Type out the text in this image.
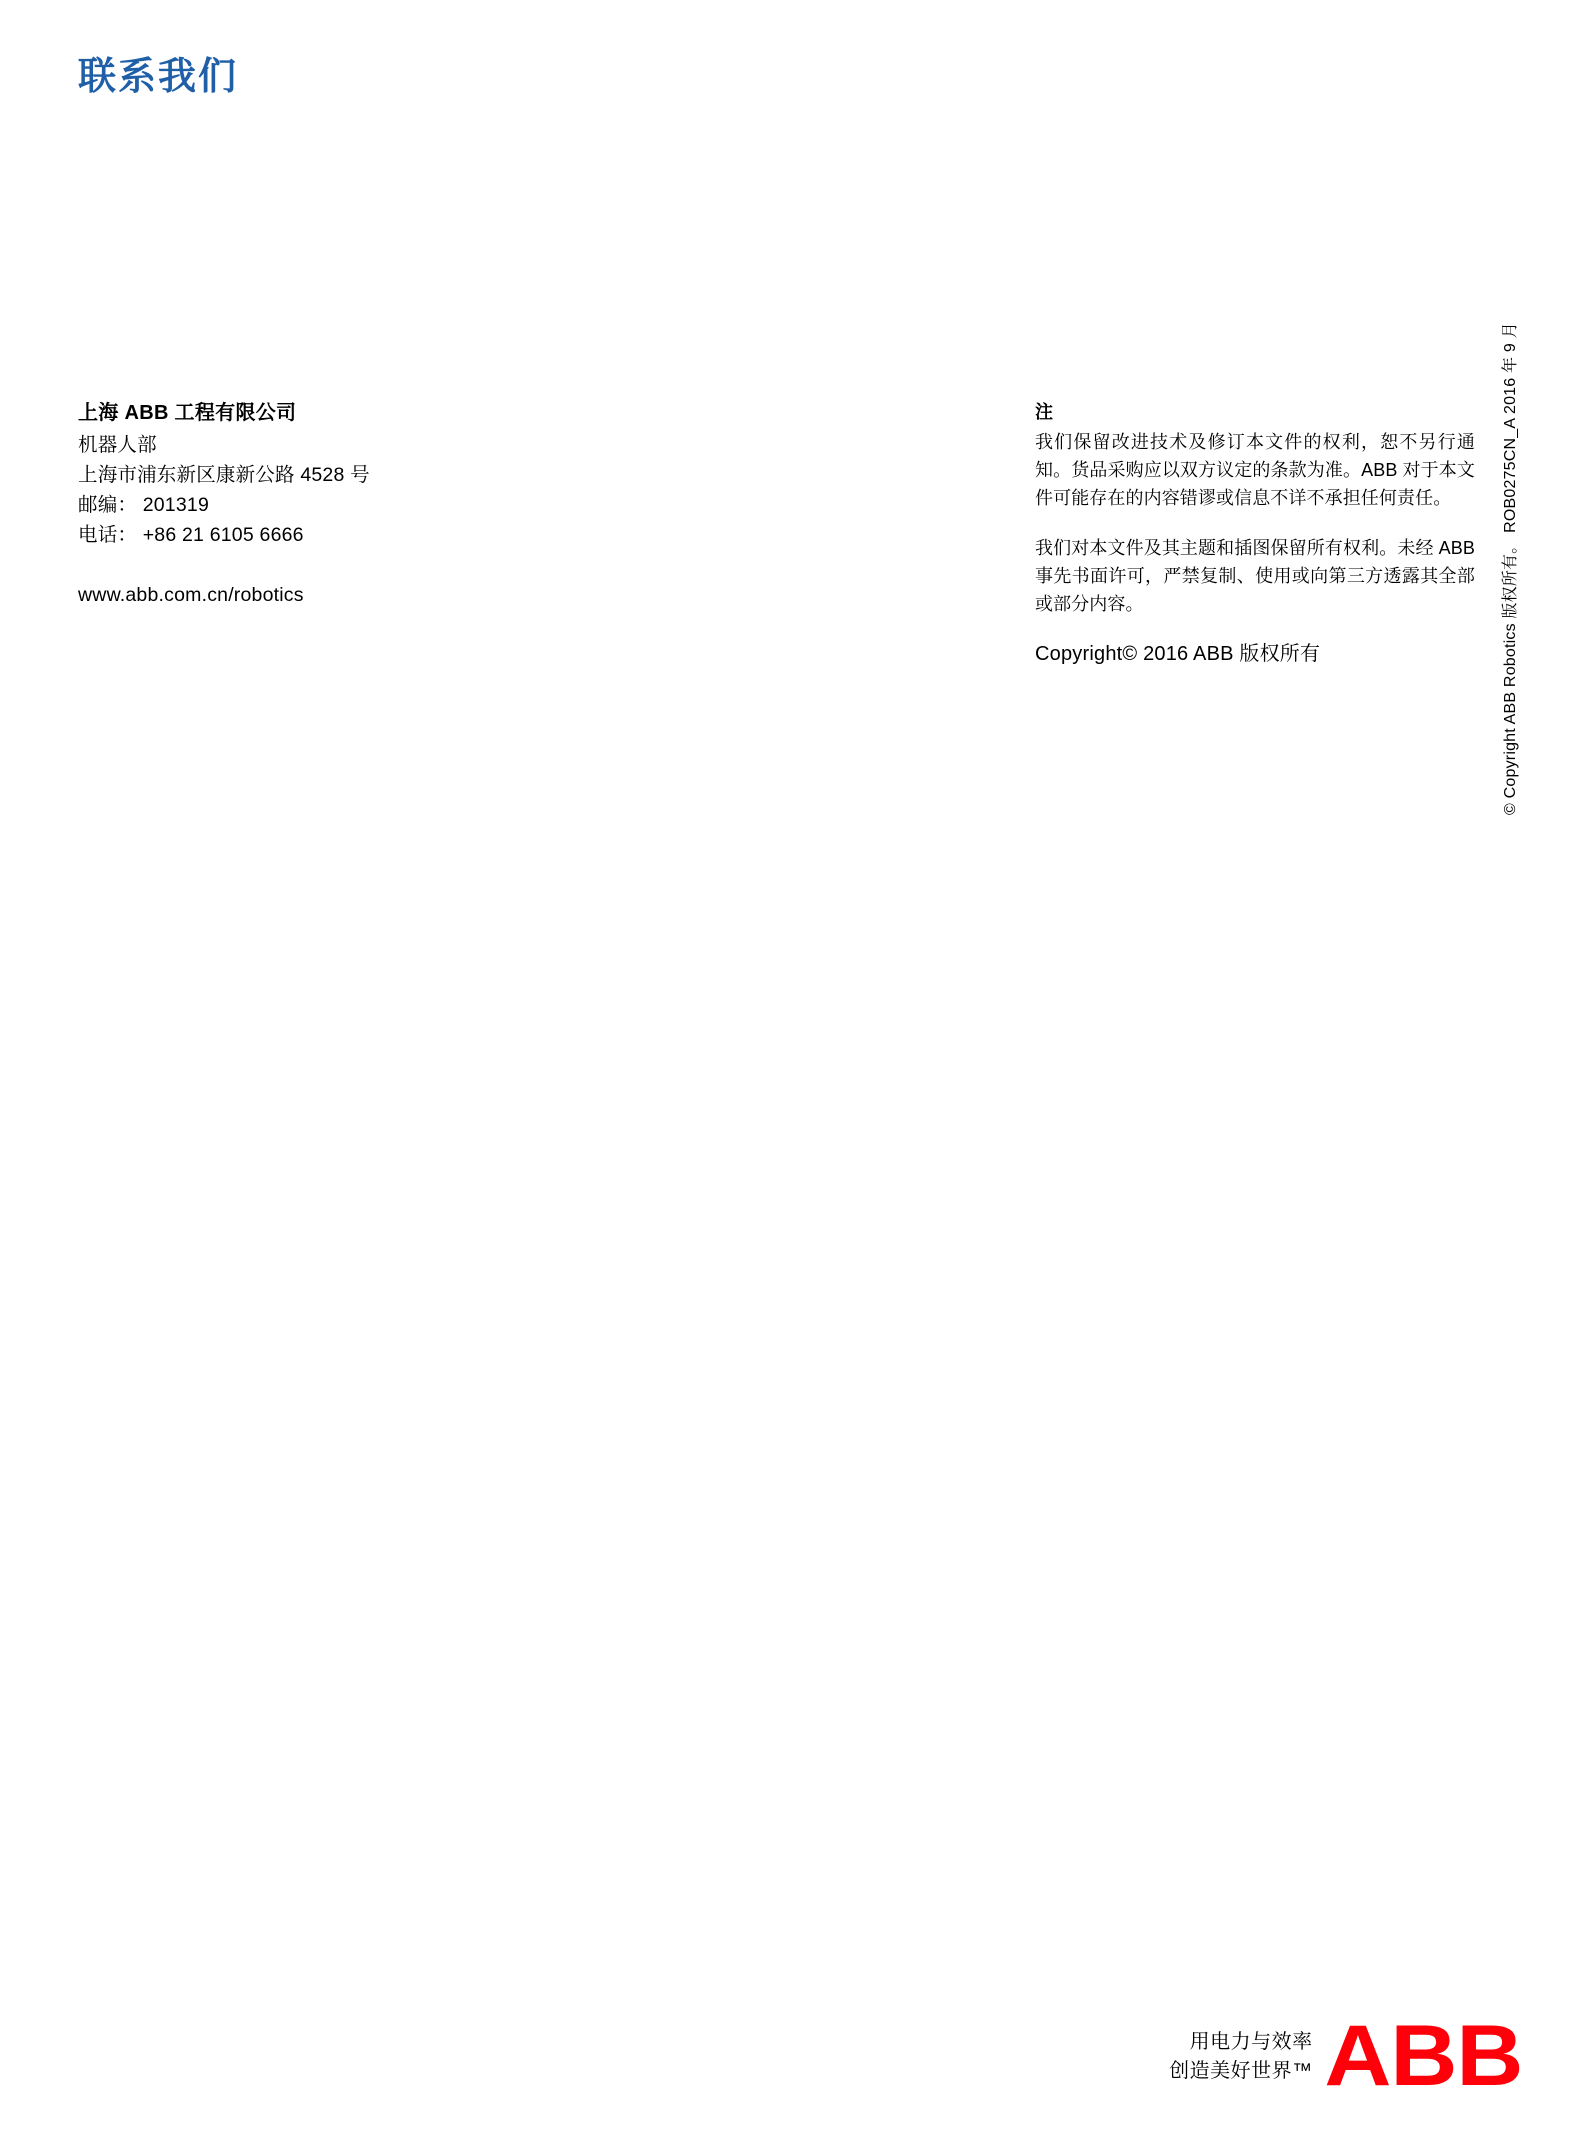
联系我们
上海 ABB 工程有限公司
机器人部
上海市浦东新区康新公路 4528 号
邮编： 201319
电话： +86 21 6105 6666
www.abb.com.cn/robotics
注

我们保留改进技术及修订本文件的权利，恕不另行通知。货品采购应以双方议定的条款为准。ABB 对于本文件可能存在的内容错谬或信息不详不承担任何责任。

我们对本文件及其主题和插图保留所有权利。未经 ABB 事先书面许可，严禁复制、使用或向第三方透露其全部或部分内容。

Copyright© 2016 ABB 版权所有	© Copyright ABB Robotics 版权所有。 ROB0275CN_A 2016 年 9 月
用电力与效率
创造美好世界™ ABB
